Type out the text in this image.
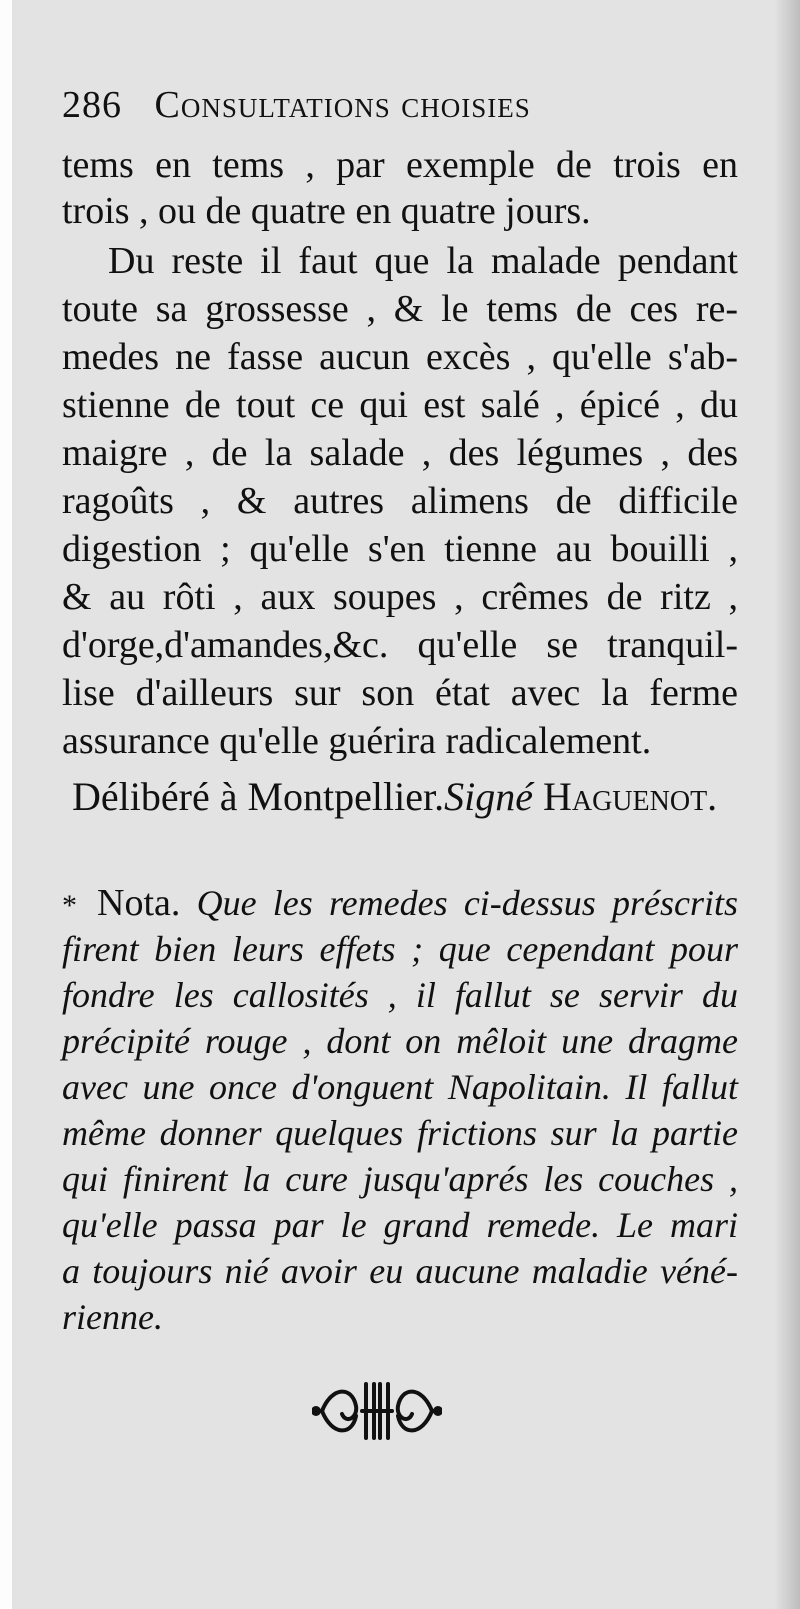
286 Consultations choisies
tems en tems , par exemple de trois en
trois , ou de quatre en quatre jours.
Du reste il faut que la malade pendant
toute sa grossesse , & le tems de ces re-
medes ne fasse aucun excès , qu'elle s'ab-
stienne de tout ce qui est salé , épicé , du
maigre , de la salade , des légumes , des
ragoûts , & autres alimens de difficile
digestion ; qu'elle s'en tienne au bouilli ,
& au rôti , aux soupes , crêmes de ritz ,
d'orge,d'amandes,&c. qu'elle se tranquil-
lise d'ailleurs sur son état avec la ferme
assurance qu'elle guérira radicalement.
Délibéré à Montpellier.Signé Haguenot.
* Nota. Que les remedes ci-dessus préscrits
firent bien leurs effets ; que cependant pour
fondre les callosités , il fallut se servir du
précipité rouge , dont on mêloit une dragme
avec une once d'onguent Napolitain. Il fallut
même donner quelques frictions sur la partie
qui finirent la cure jusqu'aprés les couches ,
qu'elle passa par le grand remede. Le mari
a toujours nié avoir eu aucune maladie véné-
rienne.
